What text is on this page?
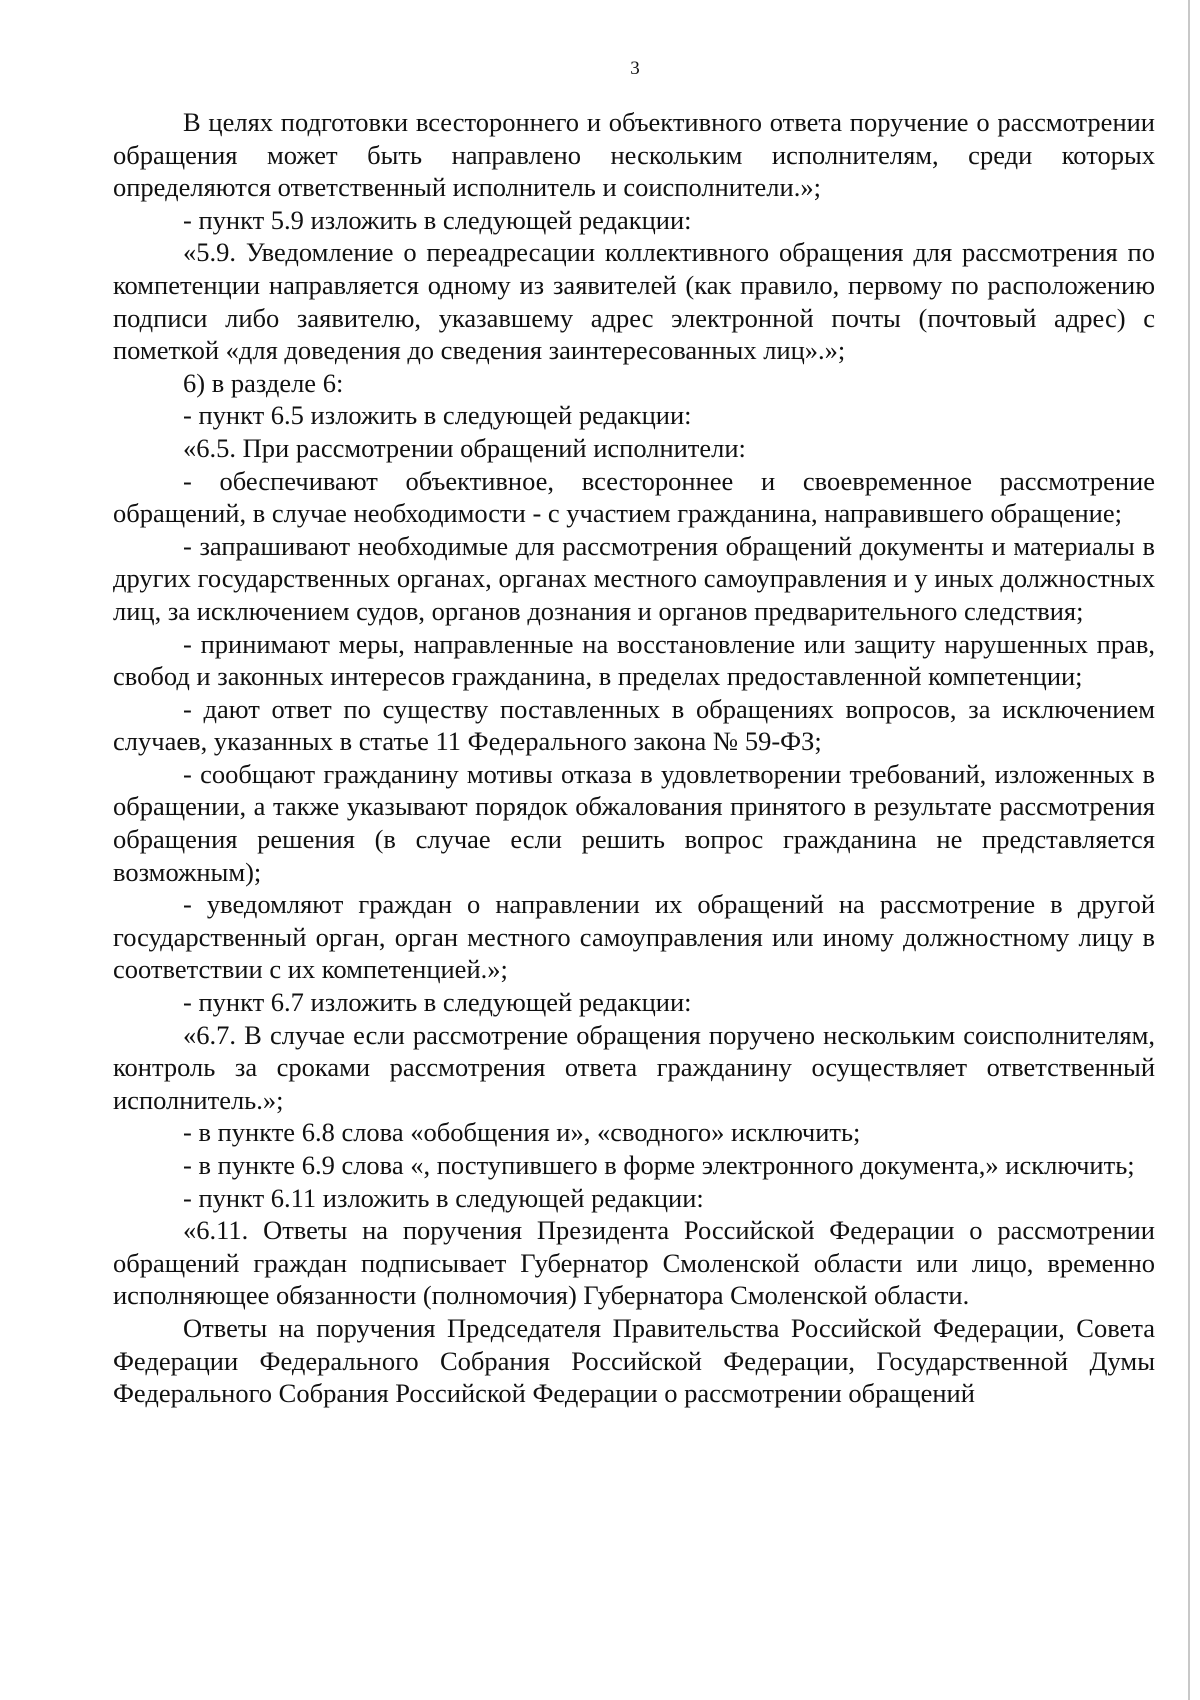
3

В целях подготовки всестороннего и объективного ответа поручение о рассмотрении обращения может быть направлено нескольким исполнителям, среди которых определяются ответственный исполнитель и соисполнители.»;

- пункт 5.9 изложить в следующей редакции:

«5.9. Уведомление о переадресации коллективного обращения для рассмотрения по компетенции направляется одному из заявителей (как правило, первому по расположению подписи либо заявителю, указавшему адрес электронной почты (почтовый адрес) с пометкой «для доведения до сведения заинтересованных лиц».»;

6) в разделе 6:

- пункт 6.5 изложить в следующей редакции:

«6.5. При рассмотрении обращений исполнители:

- обеспечивают объективное, всестороннее и своевременное рассмотрение обращений, в случае необходимости - с участием гражданина, направившего обращение;

- запрашивают необходимые для рассмотрения обращений документы и материалы в других государственных органах, органах местного самоуправления и у иных должностных лиц, за исключением судов, органов дознания и органов предварительного следствия;

- принимают меры, направленные на восстановление или защиту нарушенных прав, свобод и законных интересов гражданина, в пределах предоставленной компетенции;

- дают ответ по существу поставленных в обращениях вопросов, за исключением случаев, указанных в статье 11 Федерального закона № 59-ФЗ;

- сообщают гражданину мотивы отказа в удовлетворении требований, изложенных в обращении, а также указывают порядок обжалования принятого в результате рассмотрения обращения решения (в случае если решить вопрос гражданина не представляется возможным);

- уведомляют граждан о направлении их обращений на рассмотрение в другой государственный орган, орган местного самоуправления или иному должностному лицу в соответствии с их компетенцией.»;

- пункт 6.7 изложить в следующей редакции:

«6.7. В случае если рассмотрение обращения поручено нескольким соисполнителям, контроль за сроками рассмотрения ответа гражданину осуществляет ответственный исполнитель.»;

- в пункте 6.8 слова «обобщения и», «сводного» исключить;

- в пункте 6.9 слова «, поступившего в форме электронного документа,» исключить;

- пункт 6.11 изложить в следующей редакции:

«6.11. Ответы на поручения Президента Российской Федерации о рассмотрении обращений граждан подписывает Губернатор Смоленской области или лицо, временно исполняющее обязанности (полномочия) Губернатора Смоленской области.

Ответы на поручения Председателя Правительства Российской Федерации, Совета Федерации Федерального Собрания Российской Федерации, Государственной Думы Федерального Собрания Российской Федерации о рассмотрении обращений
